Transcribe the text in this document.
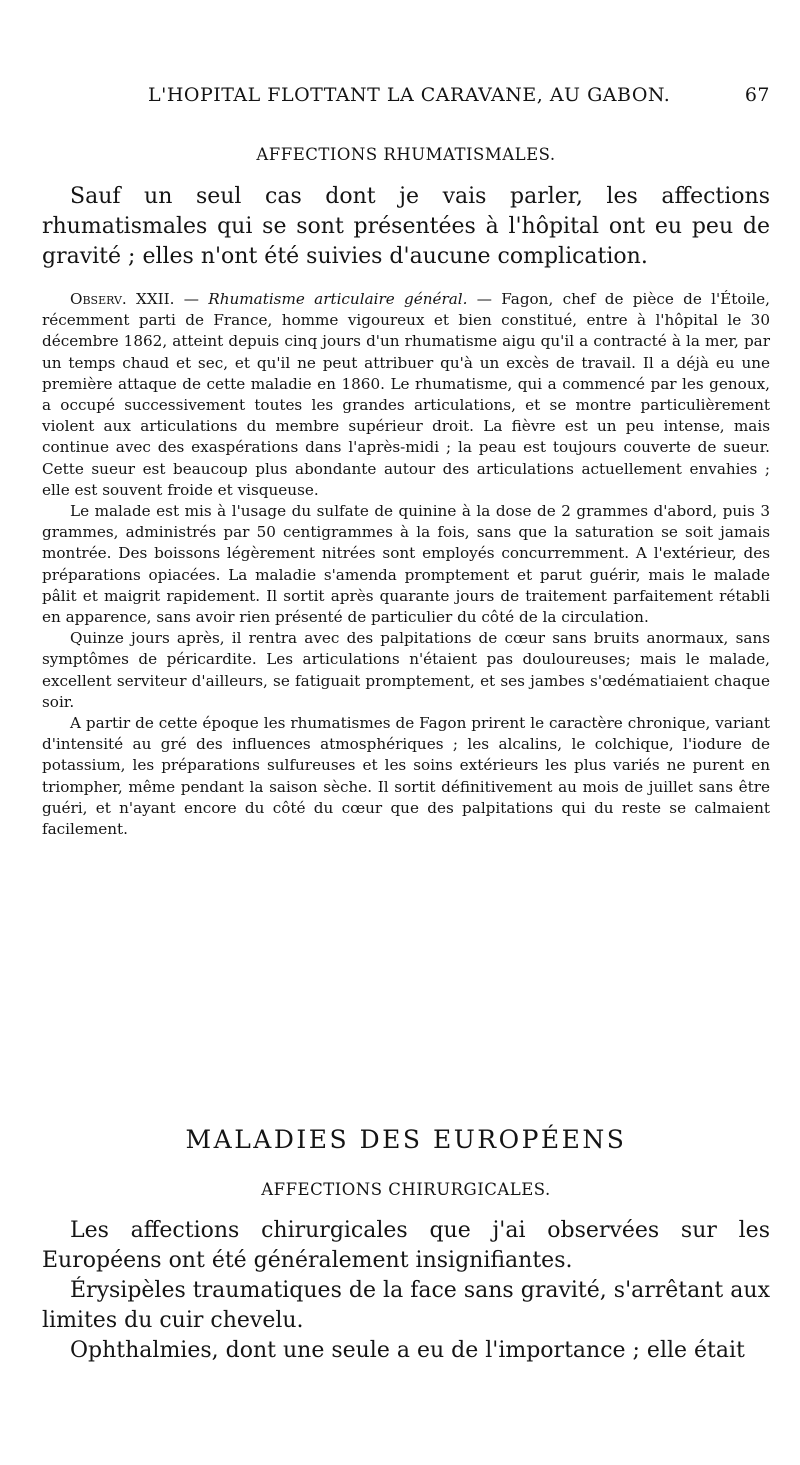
L'HOPITAL FLOTTANT LA CARAVANE, AU GABON.	67
AFFECTIONS RHUMATISMALES.

Sauf un seul cas dont je vais parler, les affections rhumatismales qui se sont présentées à l'hôpital ont eu peu de gravité ; elles n'ont été suivies d'aucune complication.

Observ. XXII. — Rhumatisme articulaire général. — Fagon, chef de pièce de l'Étoile, récemment parti de France, homme vigoureux et bien constitué, entre à l'hôpital le 30 décembre 1862, atteint depuis cinq jours d'un rhumatisme aigu qu'il a contracté à la mer, par un temps chaud et sec, et qu'il ne peut attribuer qu'à un excès de travail. Il a déjà eu une première attaque de cette maladie en 1860. Le rhumatisme, qui a commencé par les genoux, a occupé successivement toutes les grandes articulations, et se montre particulièrement violent aux articulations du membre supérieur droit. La fièvre est un peu intense, mais continue avec des exaspérations dans l'après-midi ; la peau est toujours couverte de sueur. Cette sueur est beaucoup plus abondante autour des articulations actuellement envahies ; elle est souvent froide et visqueuse.

Le malade est mis à l'usage du sulfate de quinine à la dose de 2 grammes d'abord, puis 3 grammes, administrés par 50 centigrammes à la fois, sans que la saturation se soit jamais montrée. Des boissons légèrement nitrées sont employés concurremment. A l'extérieur, des préparations opiacées. La maladie s'amenda promptement et parut guérir, mais le malade pâlit et maigrit rapidement. Il sortit après quarante jours de traitement parfaitement rétabli en apparence, sans avoir rien présenté de particulier du côté de la circulation.

Quinze jours après, il rentra avec des palpitations de cœur sans bruits anormaux, sans symptômes de péricardite. Les articulations n'étaient pas douloureuses; mais le malade, excellent serviteur d'ailleurs, se fatiguait promptement, et ses jambes s'œdématiaient chaque soir.

A partir de cette époque les rhumatismes de Fagon prirent le caractère chronique, variant d'intensité au gré des influences atmosphériques ; les alcalins, le colchique, l'iodure de potassium, les préparations sulfureuses et les soins extérieurs les plus variés ne purent en triompher, même pendant la saison sèche. Il sortit définitivement au mois de juillet sans être guéri, et n'ayant encore du côté du cœur que des palpitations qui du reste se calmaient facilement.

MALADIES DES EUROPÉENS
AFFECTIONS CHIRURGICALES.

Les affections chirurgicales que j'ai observées sur les Européens ont été généralement insignifiantes.

Érysipèles traumatiques de la face sans gravité, s'arrêtant aux limites du cuir chevelu.

Ophthalmies, dont une seule a eu de l'importance ; elle était
